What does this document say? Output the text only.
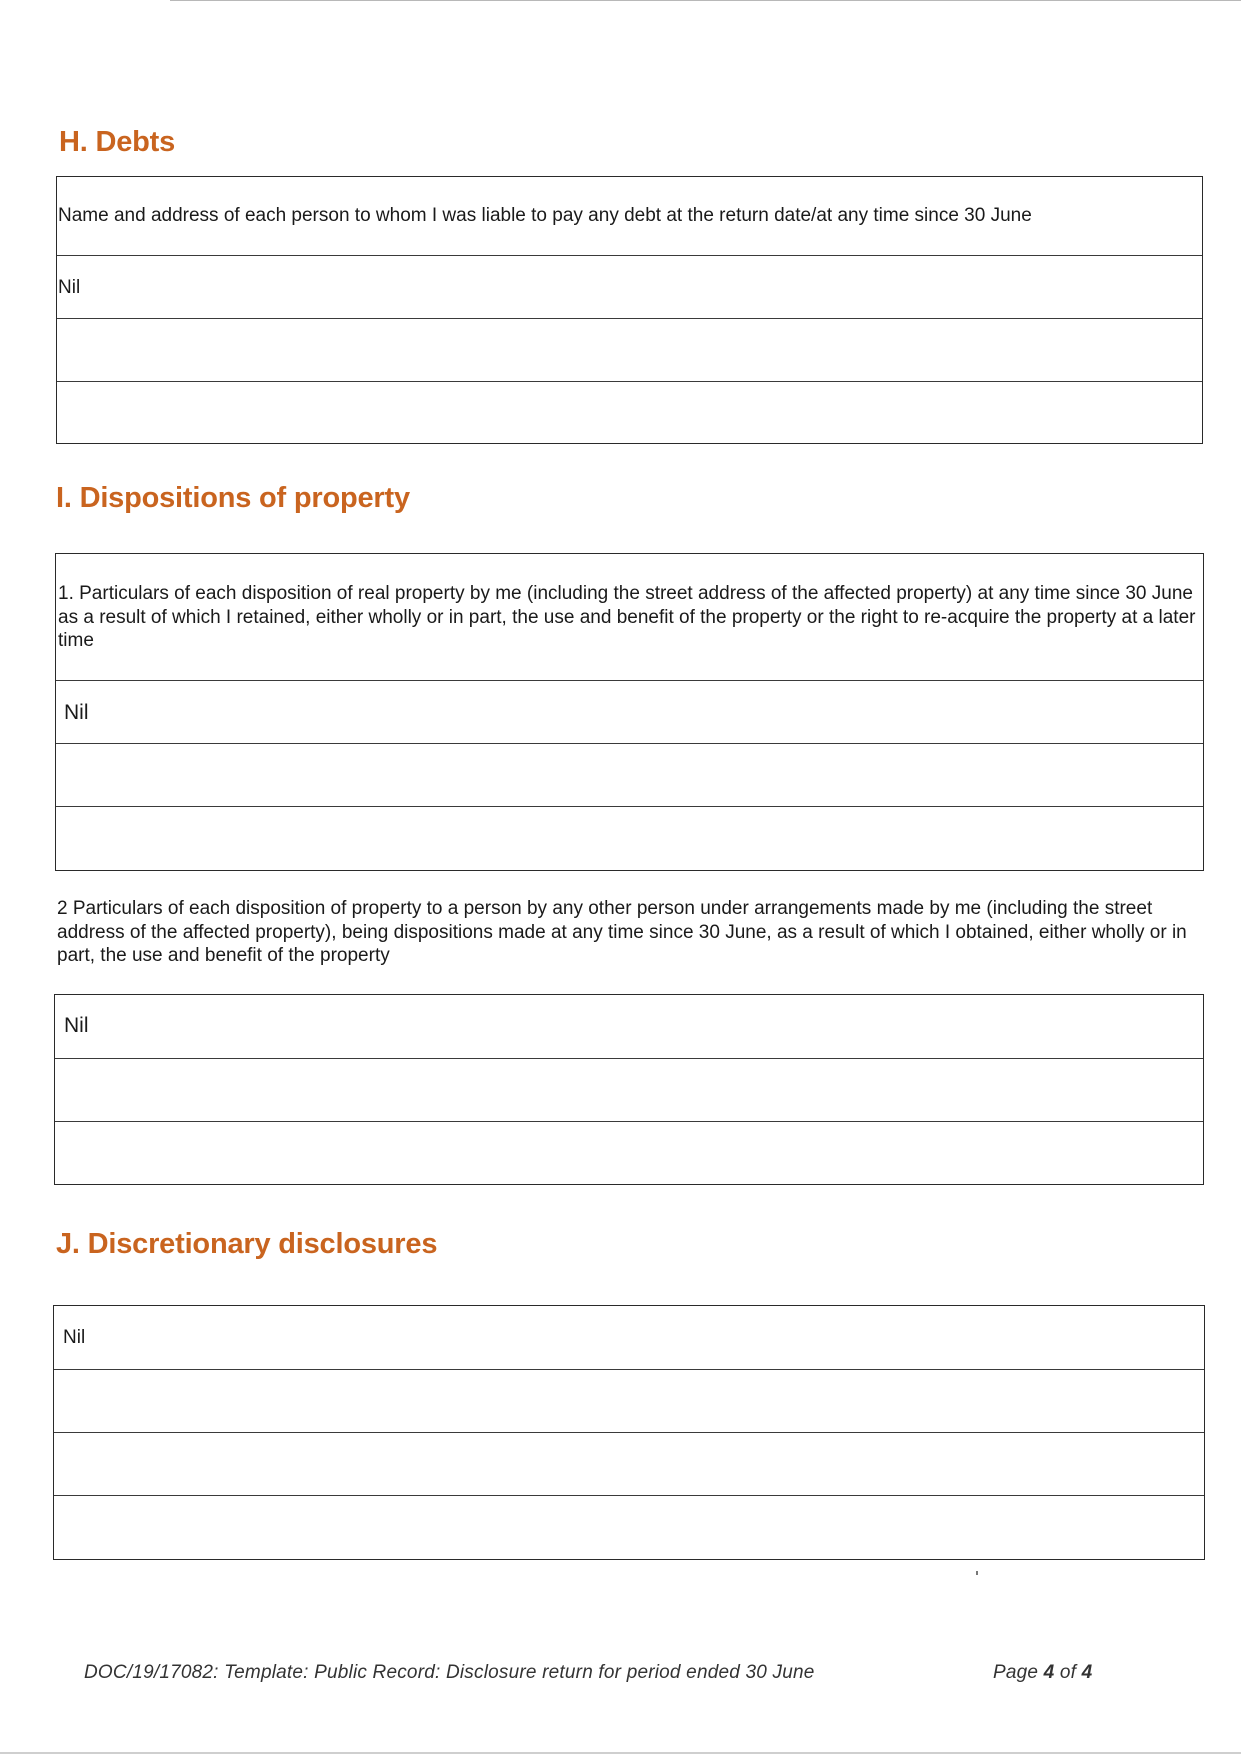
H. Debts
Name and address of each person to whom I was liable to pay any debt at the return date/at any time since 30 June
Nil
I. Dispositions of property
1. Particulars of each disposition of real property by me (including the street address of the affected property) at any time since 30 June as a result of which I retained, either wholly or in part, the use and benefit of the property or the right to re-acquire the property at a later time
Nil

2 Particulars of each disposition of property to a person by any other person under arrangements made by me (including the street address of the affected property), being dispositions made at any time since 30 June, as a result of which I obtained, either wholly or in part, the use and benefit of the property

Nil
J. Discretionary disclosures
Nil
DOC/19/17082: Template: Public Record: Disclosure return for period ended 30 June	Page 4 of 4
